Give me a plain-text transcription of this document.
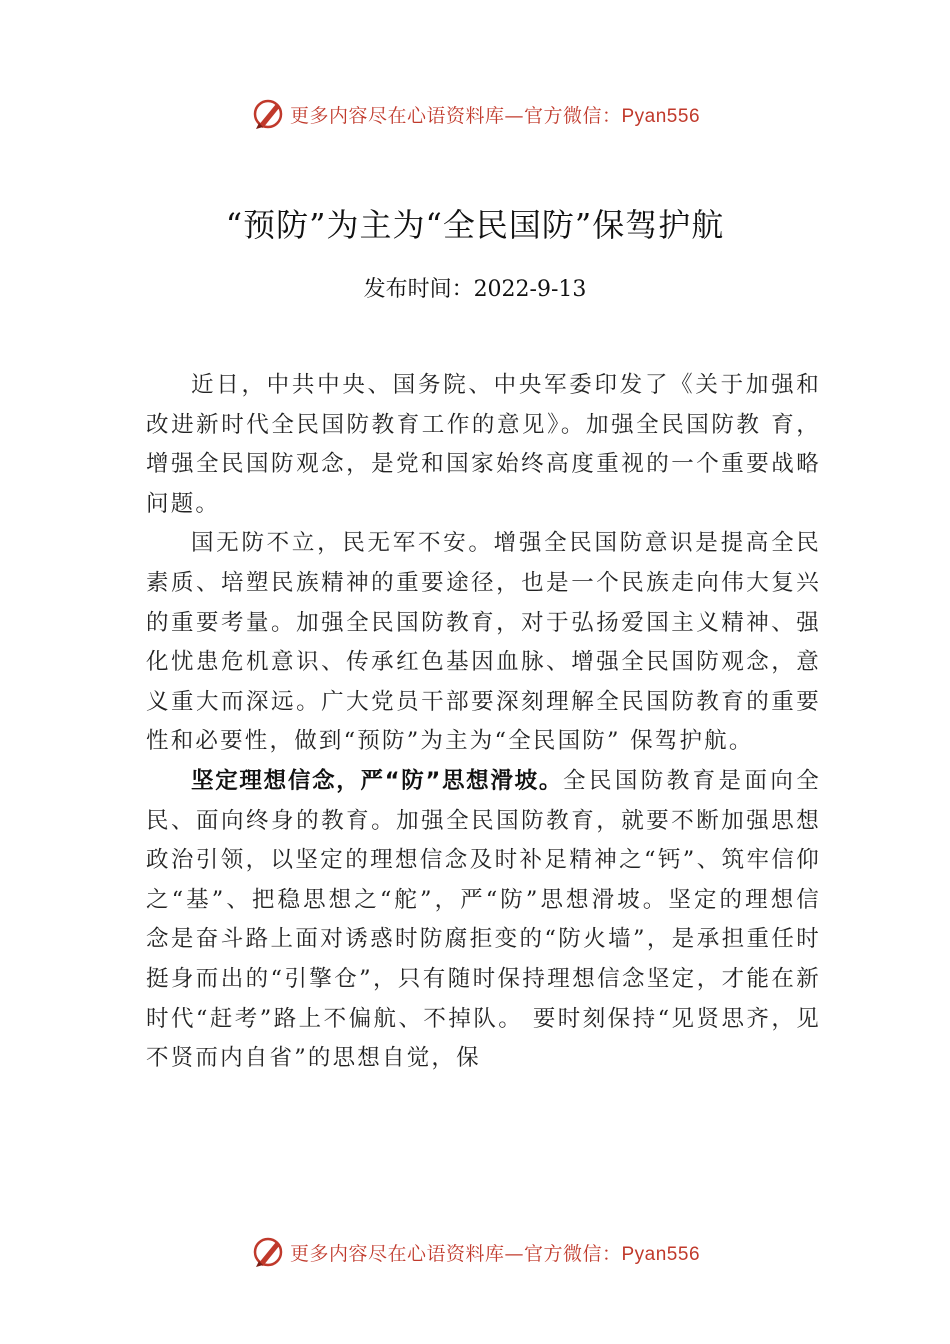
更多内容尽在心语资料库—官方微信：Pyan556
“预防”为主为“全民国防”保驾护航
发布时间：2022-9-13

近日，中共中央、国务院、中央军委印发了《关于加强和改进新时代全民国防教育工作的意见》。加强全民国防教 育，增强全民国防观念，是党和国家始终高度重视的一个重要战略问题。

国无防不立，民无军不安。增强全民国防意识是提高全民素质、培塑民族精神的重要途径，也是一个民族走向伟大复兴的重要考量。加强全民国防教育，对于弘扬爱国主义精神、强化忧患危机意识、传承红色基因血脉、增强全民国防观念，意义重大而深远。广大党员干部要深刻理解全民国防教育的重要性和必要性，做到“预防”为主为“全民国防” 保驾护航。

坚定理想信念，严“防”思想滑坡。全民国防教育是面向全民、面向终身的教育。加强全民国防教育，就要不断加强思想政治引领，以坚定的理想信念及时补足精神之“钙”、筑牢信仰之“基”、把稳思想之“舵”，严“防”思想滑坡。坚定的理想信念是奋斗路上面对诱惑时防腐拒变的“防火墙”，是承担重任时挺身而出的“引擎仓”，只有随时保持理想信念坚定，才能在新时代“赶考”路上不偏航、不掉队。 要时刻保持“见贤思齐，见不贤而内自省”的思想自觉，保

更多内容尽在心语资料库—官方微信：Pyan556
